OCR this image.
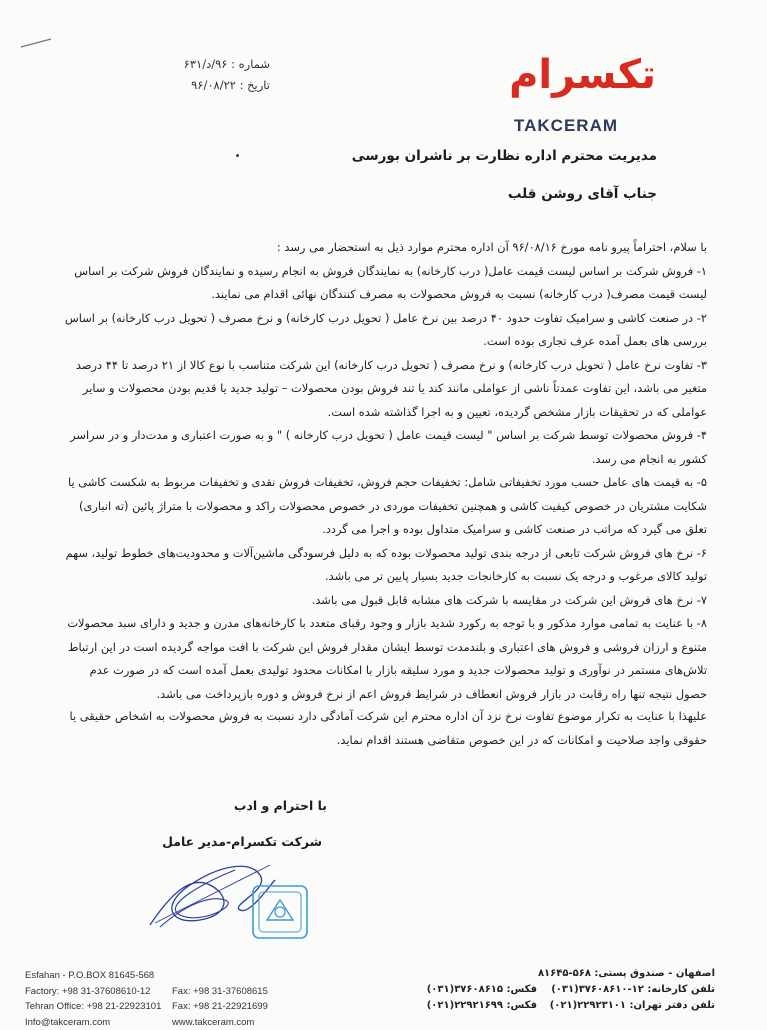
شماره : ۹۶/د/۶۳۱
تاریخ : ۹۶/۰۸/۲۲	تکسرام
TAKCERAM
مدیریت محترم اداره نظارت بر ناشران بورسی
جناب آقای روشن قلب

با سلام، احتراماً پیرو نامه مورخ ۹۶/۰۸/۱۶ آن اداره محترم موارد ذیل به استحضار می رسد :

۱- فروش شرکت بر اساس لیست قیمت عامل( درب کارخانه) به نمایندگان فروش به انجام رسیده و نمایندگان فروش شرکت بر اساس لیست قیمت مصرف( درب کارخانه) نسبت به فروش محصولات به مصرف کنندگان نهائی اقدام می نمایند.

۲- در صنعت کاشی و سرامیک تفاوت حدود ۴۰ درصد بین نرخ عامل ( تحویل درب کارخانه) و نرخ مصرف ( تحویل درب کارخانه) بر اساس بررسی های بعمل آمده عرف تجاری بوده است.

۳- تفاوت نرخ عامل ( تحویل درب کارخانه) و نرخ مصرف ( تحویل درب کارخانه) این شرکت متناسب با نوع کالا از ۲۱ درصد تا ۴۴ درصد متغیر می باشد، این تفاوت عمدتاً ناشی از عواملی مانند کند یا تند فروش بودن محصولات – تولید جدید یا قدیم بودن محصولات و سایر عواملی که در تحقیقات بازار مشخص گردیده، تعیین و به اجرا گذاشته شده است.

۴- فروش محصولات توسط شرکت بر اساس " لیست قیمت عامل ( تحویل درب کارخانه ) " و به صورت اعتباری و مدت‌دار و در سراسر کشور به انجام می رسد.

۵- به قیمت های عامل حسب مورد تخفیفاتی شامل: تخفیفات حجم فروش، تخفیفات فروش نقدی و تخفیفات مربوط به شکست کاشی یا شکایت مشتریان در خصوص کیفیت کاشی و همچنین تخفیفات موردی در خصوص محصولات راکد و محصولات با متراژ پائین (ته انباری) تعلق می گیرد که مراتب در صنعت کاشی و سرامیک متداول بوده و اجرا می گردد.

۶- نرخ های فروش شرکت تابعی از درجه بندی تولید محصولات بوده که به دلیل فرسودگی ماشین‌آلات و محدودیت‌های خطوط تولید، سهم تولید کالای مرغوب و درجه یک نسبت به کارخانجات جدید بسیار پایین تر می باشد.

۷- نرخ های فروش این شرکت در مقایسه با شرکت های مشابه قابل قبول می باشد.

۸- با عنایت به تمامی موارد مذکور و با توجه به رکورد شدید بازار و وجود رقبای متعدد با کارخانه‌های مدرن و جدید و دارای سبد محصولات متنوع و ارزان فروشی و فروش های اعتباری و بلندمدت توسط ایشان مقدار فروش این شرکت با افت مواجه گردیده است در این ارتباط تلاش‌های مستمر در نوآوری و تولید محصولات جدید و مورد سلیقه بازار با امکانات محدود تولیدی بعمل آمده است که در صورت عدم حصول نتیجه تنها راه رقابت در بازار فروش انعطاف در شرایط فروش اعم از نرخ فروش و دوره بازپرداخت می باشد.

علیهذا با عنایت به تکرار موضوع تفاوت نرخ نزد آن اداره محترم این شرکت آمادگی دارد نسبت به فروش محصولات به اشخاص حقیقی یا حقوقی واجد صلاحیت و امکانات که در این خصوص متقاضی هستند اقدام نماید.
با احترام و ادب
شرکت تکسرام-مدیر عامل
Esfahan - P.O.BOX 81645-568
Factory: +98 31-37608610-12
Tehran Office: +98 21-22923101
Info@takceram.com

Fax: +98 31-37608615
Fax: +98 21-22921699
www.takceram.com
اصفهان - صندوق پستی: ۵۶۸-۸۱۶۴۵
تلفن کارخانه: ۱۲-۳۷۶۰۸۶۱۰(۰۳۱)
تلفن دفتر تهران: ۲۲۹۲۳۱۰۱(۰۲۱)
فکس: ۳۷۶۰۸۶۱۵(۰۳۱)
فکس: ۲۲۹۲۱۶۹۹(۰۲۱)
